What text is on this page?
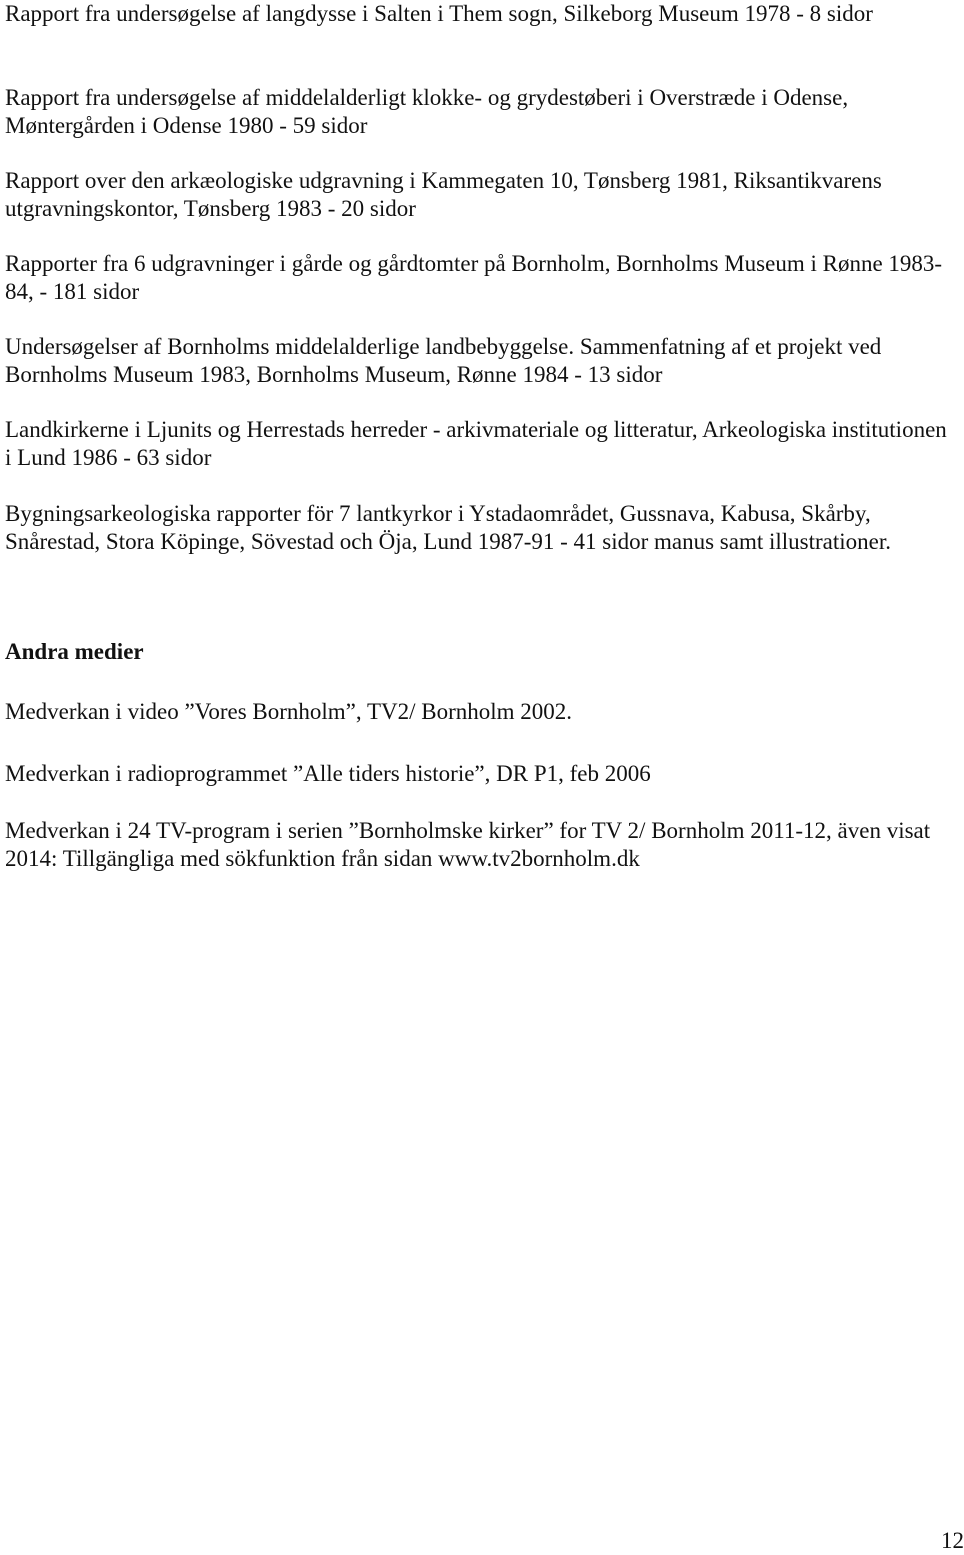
Rapport fra undersøgelse af langdysse i Salten i Them sogn, Silkeborg Museum 1978 - 8 sidor

Rapport fra undersøgelse af middelalderligt klokke- og grydestøberi i Overstræde i Odense, Møntergården i Odense 1980 - 59 sidor

Rapport over den arkæologiske udgravning i Kammegaten 10, Tønsberg 1981, Riksantikvarens utgravningskontor, Tønsberg 1983 - 20 sidor

Rapporter fra 6 udgravninger i gårde og gårdtomter på Bornholm, Bornholms Museum i Rønne 1983-84, - 181 sidor

Undersøgelser af Bornholms middelalderlige landbebyggelse. Sammenfatning af et projekt ved Bornholms Museum 1983, Bornholms Museum, Rønne 1984 - 13 sidor

Landkirkerne i Ljunits og Herrestads herreder - arkivmateriale og litteratur, Arkeologiska institutionen i Lund 1986 - 63 sidor

Bygningsarkeologiska rapporter för 7 lantkyrkor i Ystadaområdet, Gussnava, Kabusa, Skårby, Snårestad, Stora Köpinge, Sövestad och Öja, Lund 1987-91 - 41 sidor manus samt illustrationer.

Andra medier

Medverkan i video ”Vores Bornholm”, TV2/ Bornholm 2002.

Medverkan i radioprogrammet ”Alle tiders historie”, DR P1, feb 2006

Medverkan i 24 TV-program i serien ”Bornholmske kirker” for TV 2/ Bornholm 2011-12, även visat 2014: Tillgängliga med sökfunktion från sidan www.tv2bornholm.dk

12
